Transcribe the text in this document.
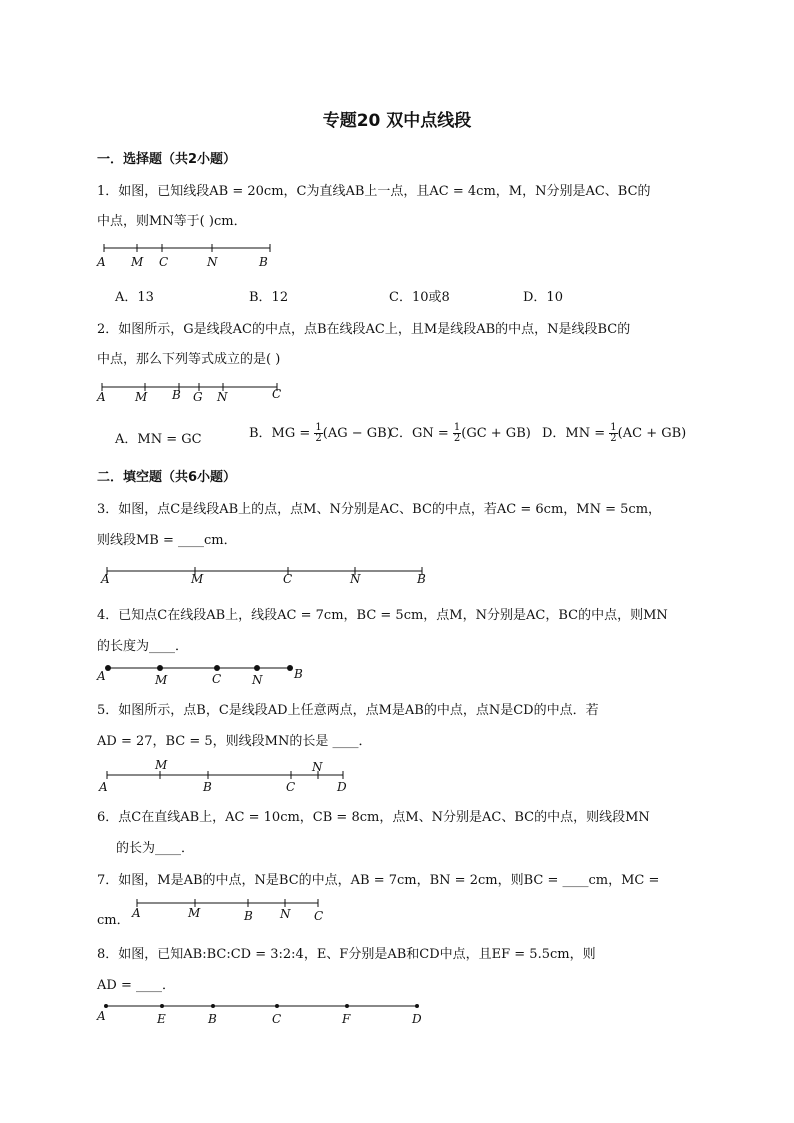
专题20 双中点线段
一．选择题（共2小题）
1．如图，已知线段AB = 20cm，C为直线AB上一点，且AC = 4cm，M，N分别是AC、BC的
中点，则MN等于( )cm．
A M C	N	B
A．13	B．12	C．10或8	D．10
2．如图所示，G是线段AC的中点，点B在线段AC上，且M是线段AB的中点，N是线段BC的
中点，那么下列等式成立的是( )
A M B G N	C
A．MN = GC	B．MG = $\frac{1}{2} (AG - GB)$
C．GN = $\frac{1}{2} (GC + GB)$ D．MN = $\frac{1}{2} (AC + GB)$
二．填空题（共6小题）
3．如图，点C是线段AB上的点，点M、N分别是AC、BC的中点，若AC = 6cm，MN = 5cm，
则线段MB = ____cm．
A	M	C	N	B
4．已知点C在线段AB上，线段AC = 7cm，BC = 5cm，点M，N分别是AC，BC的中点，则MN
的长度为____．
A	M	C	N	B
5．如图所示，点B，C是线段AD上任意两点，点M是AB的中点，点N是CD的中点．若
AD = 27，BC = 5，则线段MN的长是 ____．
A
M
B	C
N
D
6．点C在直线AB上，AC = 10cm，CB = 8cm，点M、N分别是AC、BC的中点，则线段MN
的长为____．
7．如图，M是AB的中点，N是BC的中点，AB = 7cm，BN = 2cm，则BC = ____cm，MC =
cm． A	M	B N C
8．如图，已知AB:BC:CD = 3:2:4，E、F分别是AB和CD中点，且EF = 5.5cm，则
AD = ____．
A	E	B	C	F	D
